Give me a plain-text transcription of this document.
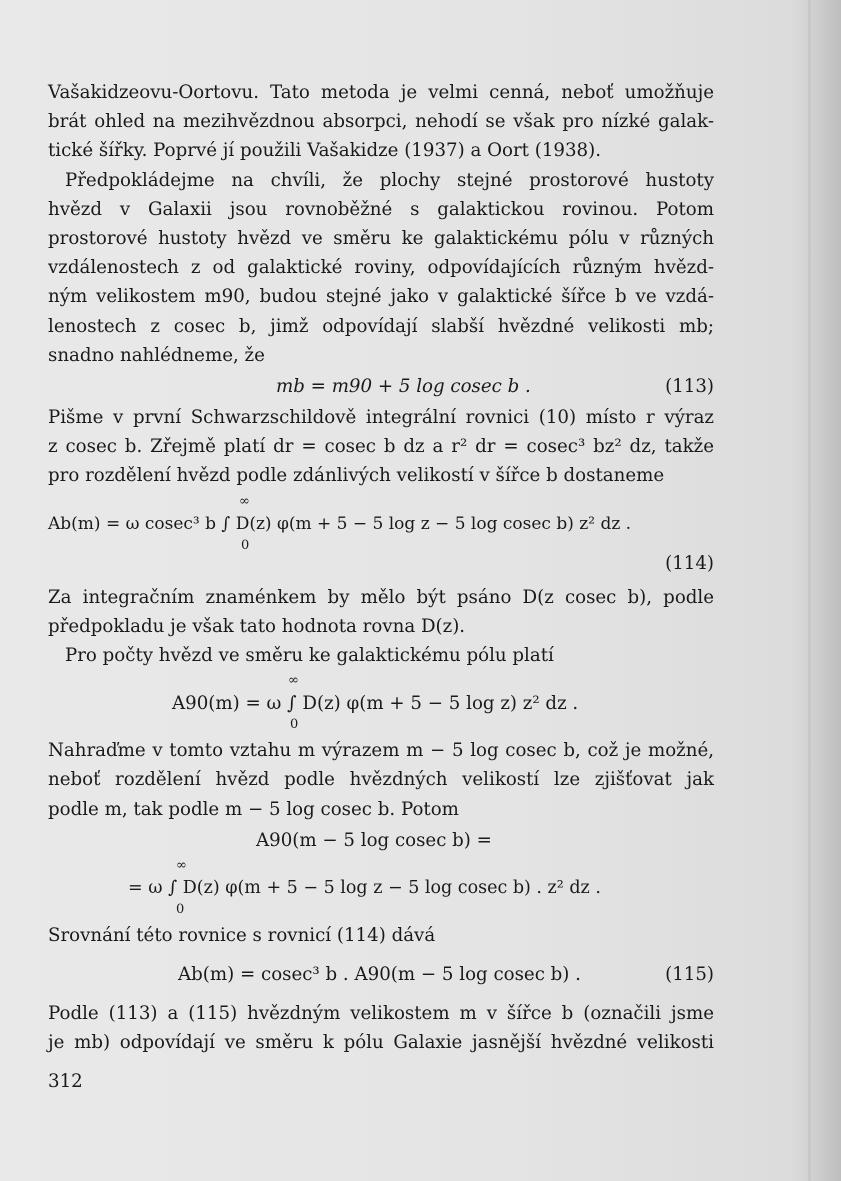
Vašakidzeovu-Oortovu. Tato metoda je velmi cenná, neboť umožňuje
brát ohled na mezihvězdnou absorpci, nehodí se však pro nízké galak-
tické šířky. Poprvé jí použili Vašakidze (1937) a Oort (1938).

Předpokládejme na chvíli, že plochy stejné prostorové hustoty
hvězd v Galaxii jsou rovnoběžné s galaktickou rovinou. Potom
prostorové hustoty hvězd ve směru ke galaktickému pólu v různých
vzdálenostech z od galaktické roviny, odpovídajících různým hvězd-
ným velikostem m90, budou stejné jako v galaktické šířce b ve vzdá-
lenostech z cosec b, jimž odpovídají slabší hvězdné velikosti mb;
snadno nahlédneme, že

mb = m90 + 5 log cosec b .	(113)

Pišme v první Schwarzschildově integrální rovnici (10) místo r výraz
z cosec b. Zřejmě platí dr = cosec b dz a r² dr = cosec³ bz² dz, takže
pro rozdělení hvězd podle zdánlivých velikostí v šířce b dostaneme

∞
Ab(m) = ω cosec³ b ∫ D(z) φ(m + 5 − 5 log z − 5 log cosec b) z² dz .
0
(114)

Za integračním znaménkem by mělo být psáno D(z cosec b), podle
předpokladu je však tato hodnota rovna D(z).

Pro počty hvězd ve směru ke galaktickému pólu platí

∞
A90(m) = ω ∫ D(z) φ(m + 5 − 5 log z) z² dz .
0

Nahraďme v tomto vztahu m výrazem m − 5 log cosec b, což je možné,
neboť rozdělení hvězd podle hvězdných velikostí lze zjišťovat jak
podle m, tak podle m − 5 log cosec b. Potom

A90(m − 5 log cosec b) =
∞
= ω ∫ D(z) φ(m + 5 − 5 log z − 5 log cosec b) . z² dz .
0

Srovnání této rovnice s rovnicí (114) dává

Ab(m) = cosec³ b . A90(m − 5 log cosec b) .	(115)

Podle (113) a (115) hvězdným velikostem m v šířce b (označili jsme
je mb) odpovídají ve směru k pólu Galaxie jasnější hvězdné velikosti

312
